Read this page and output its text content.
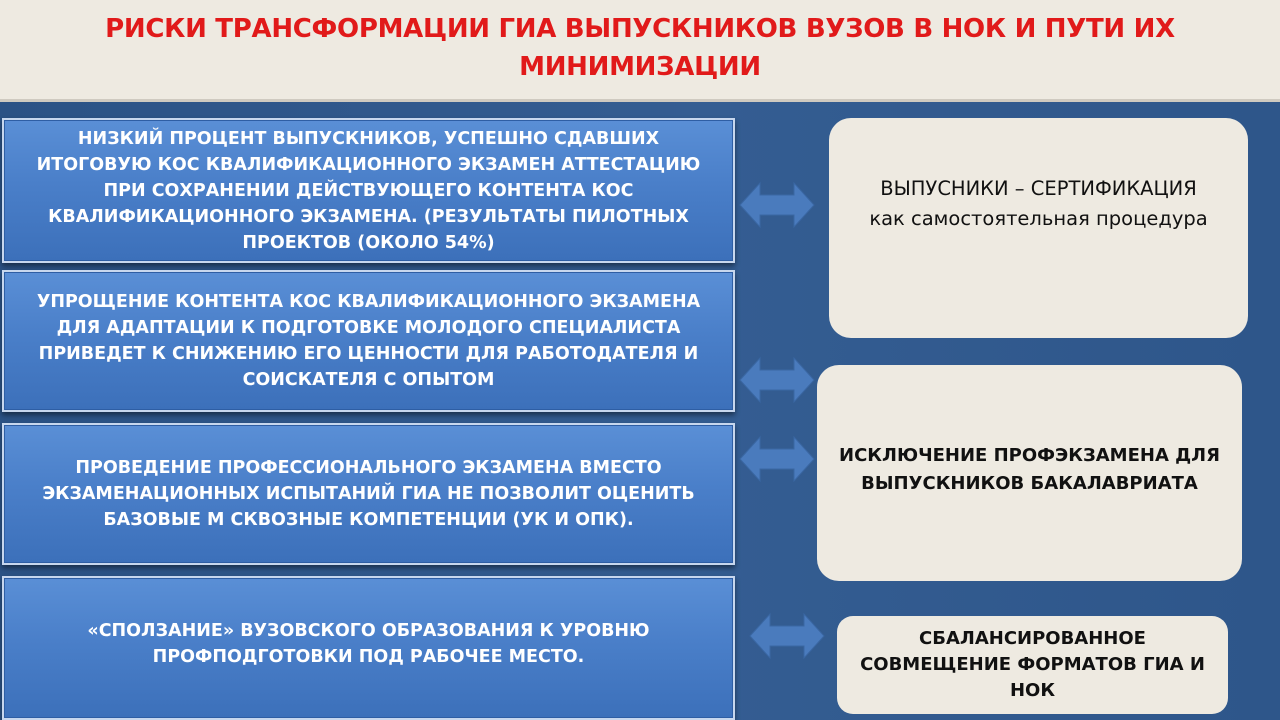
РИСКИ ТРАНСФОРМАЦИИ ГИА ВЫПУСКНИКОВ ВУЗОВ В НОК И ПУТИ ИХ МИНИМИЗАЦИИ
НИЗКИЙ ПРОЦЕНТ ВЫПУСКНИКОВ, УСПЕШНО СДАВШИХ ИТОГОВУЮ КОС КВАЛИФИКАЦИОННОГО ЭКЗАМЕН АТТЕСТАЦИЮ ПРИ СОХРАНЕНИИ ДЕЙСТВУЮЩЕГО КОНТЕНТА КОС КВАЛИФИКАЦИОННОГО ЭКЗАМЕНА. (РЕЗУЛЬТАТЫ ПИЛОТНЫХ ПРОЕКТОВ (ОКОЛО 54%)
УПРОЩЕНИЕ КОНТЕНТА КОС КВАЛИФИКАЦИОННОГО ЭКЗАМЕНА ДЛЯ АДАПТАЦИИ К ПОДГОТОВКЕ МОЛОДОГО СПЕЦИАЛИСТА ПРИВЕДЕТ К СНИЖЕНИЮ ЕГО ЦЕННОСТИ ДЛЯ РАБОТОДАТЕЛЯ И СОИСКАТЕЛЯ С ОПЫТОМ
ПРОВЕДЕНИЕ ПРОФЕССИОНАЛЬНОГО ЭКЗАМЕНА ВМЕСТО ЭКЗАМЕНАЦИОННЫХ ИСПЫТАНИЙ ГИА НЕ ПОЗВОЛИТ ОЦЕНИТЬ БАЗОВЫЕ М СКВОЗНЫЕ КОМПЕТЕНЦИИ (УК И ОПК).
«СПОЛЗАНИЕ» ВУЗОВСКОГО ОБРАЗОВАНИЯ К УРОВНЮ ПРОФПОДГОТОВКИ ПОД РАБОЧЕЕ МЕСТО.
ВЫПУСНИКИ – СЕРТИФИКАЦИЯ
как самостоятельная процедура
ИСКЛЮЧЕНИЕ ПРОФЭКЗАМЕНА ДЛЯ ВЫПУСКНИКОВ БАКАЛАВРИАТА
СБАЛАНСИРОВАННОЕ СОВМЕЩЕНИЕ ФОРМАТОВ ГИА И НОК
